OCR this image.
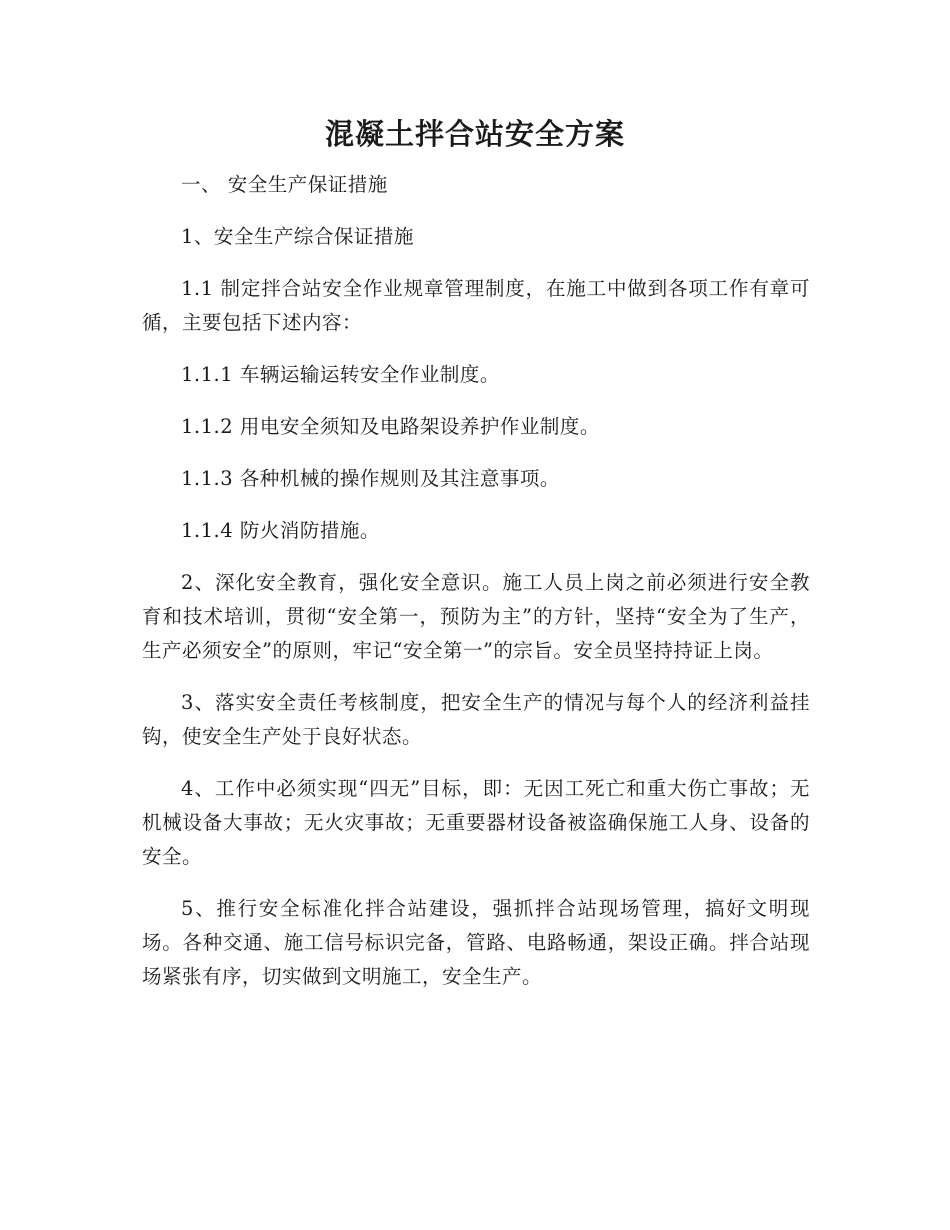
混凝土拌合站安全方案

一、 安全生产保证措施

1、安全生产综合保证措施

1.1 制定拌合站安全作业规章管理制度，在施工中做到各项工作有章可循，主要包括下述内容：

1.1.1 车辆运输运转安全作业制度。

1.1.2 用电安全须知及电路架设养护作业制度。

1.1.3 各种机械的操作规则及其注意事项。

1.1.4 防火消防措施。

2、深化安全教育，强化安全意识。施工人员上岗之前必须进行安全教育和技术培训，贯彻“安全第一，预防为主”的方针，坚持“安全为了生产，生产必须安全”的原则，牢记“安全第一”的宗旨。安全员坚持持证上岗。

3、落实安全责任考核制度，把安全生产的情况与每个人的经济利益挂钩，使安全生产处于良好状态。

4、工作中必须实现“四无”目标，即：无因工死亡和重大伤亡事故；无机械设备大事故；无火灾事故；无重要器材设备被盗确保施工人身、设备的安全。

5、推行安全标准化拌合站建设，强抓拌合站现场管理，搞好文明现场。各种交通、施工信号标识完备，管路、电路畅通，架设正确。拌合站现场紧张有序，切实做到文明施工，安全生产。
